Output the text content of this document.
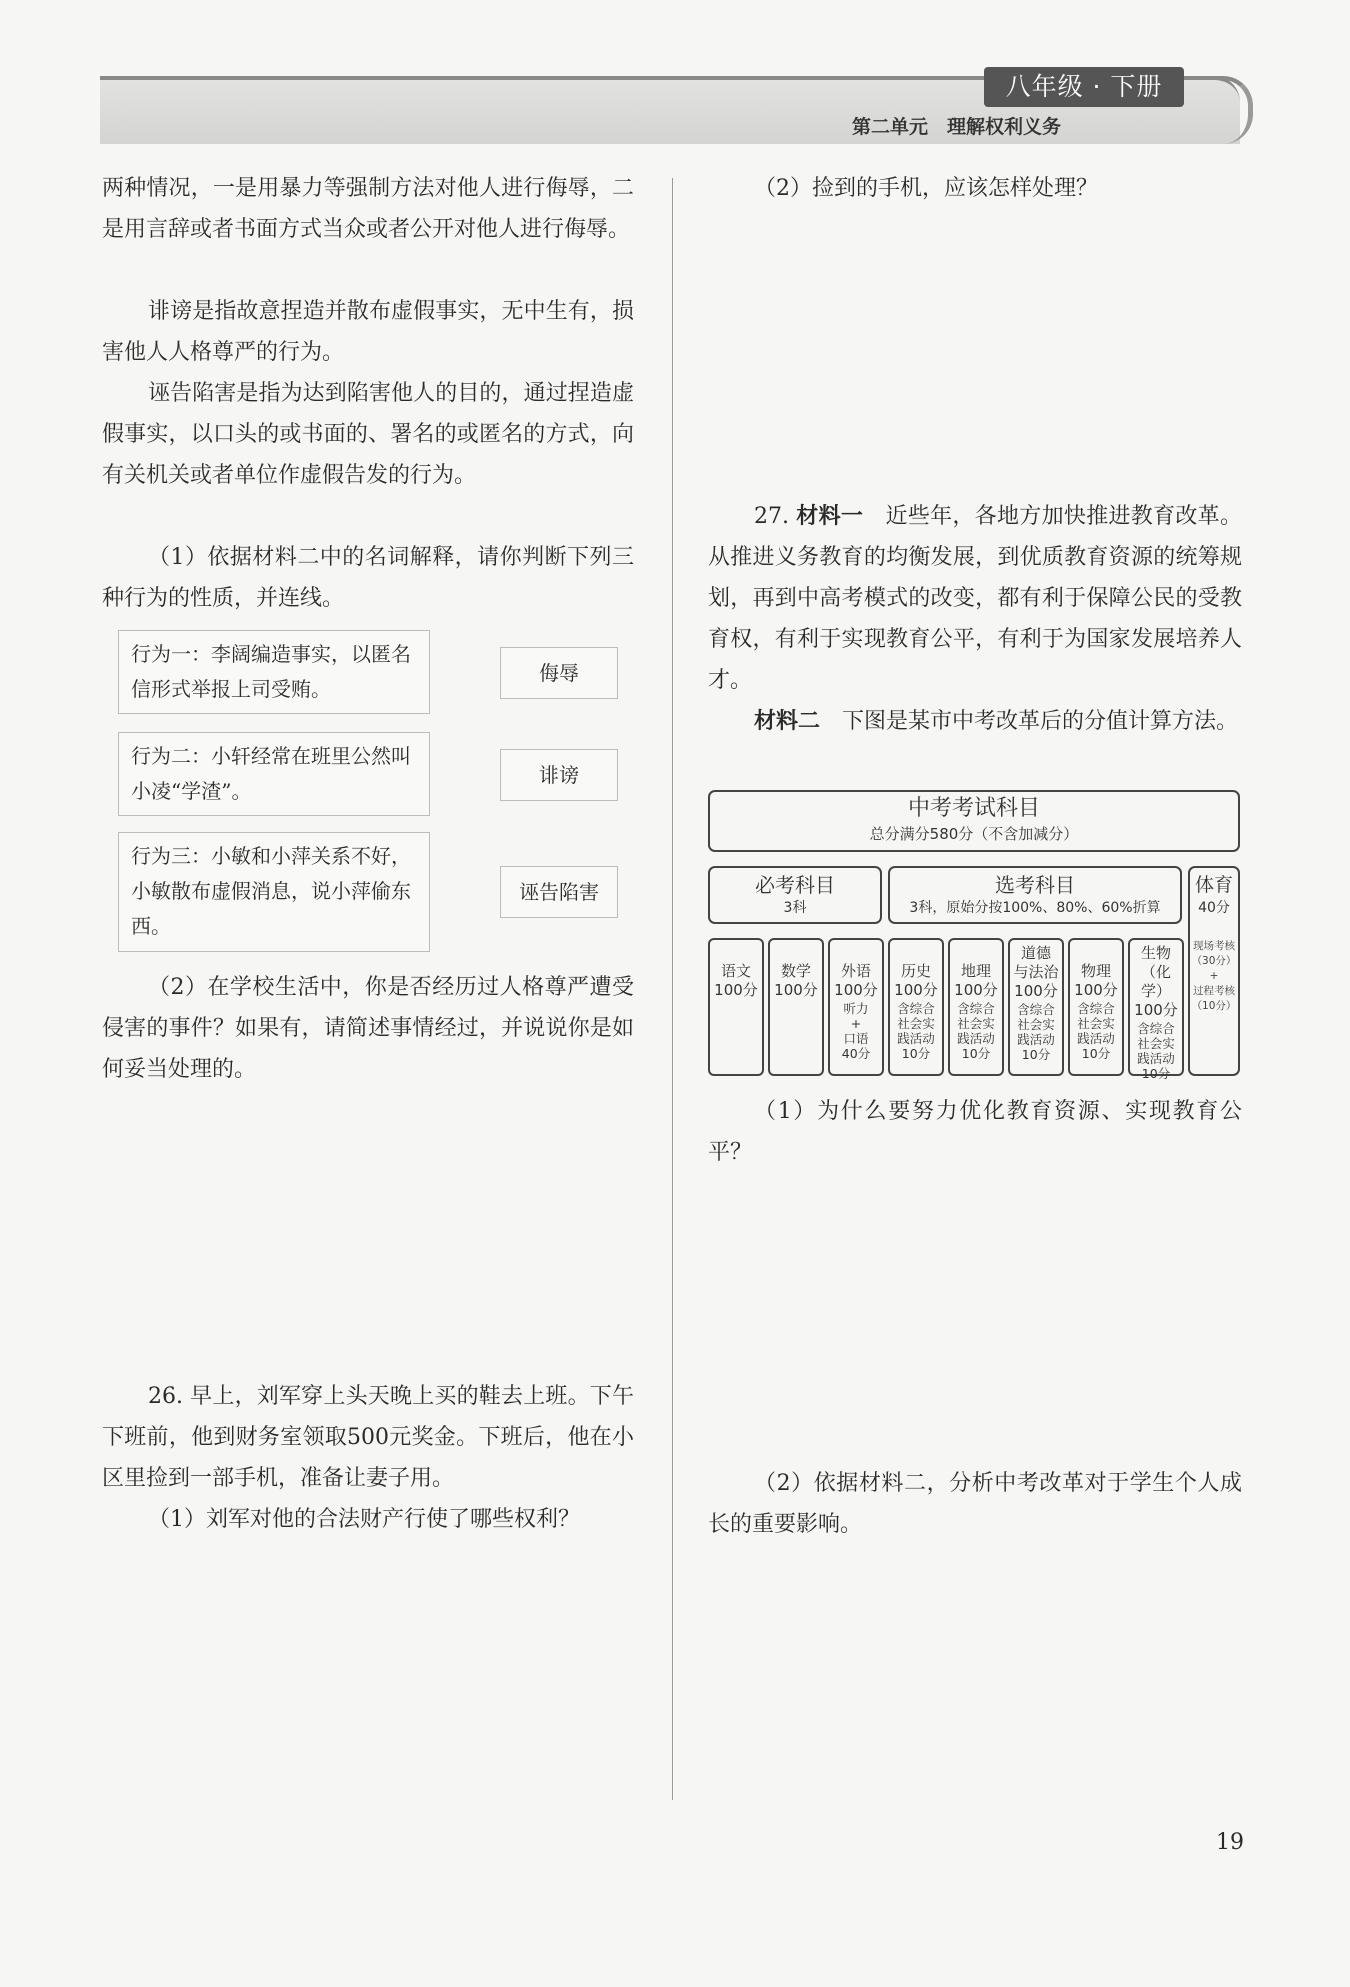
八年级 · 下册
第二单元　理解权利义务

两种情况，一是用暴力等强制方法对他人进行侮辱，二是用言辞或者书面方式当众或者公开对他人进行侮辱。

诽谤是指故意捏造并散布虚假事实，无中生有，损害他人人格尊严的行为。

诬告陷害是指为达到陷害他人的目的，通过捏造虚假事实，以口头的或书面的、署名的或匿名的方式，向有关机关或者单位作虚假告发的行为。

（1）依据材料二中的名词解释，请你判断下列三种行为的性质，并连线。

行为一：李阔编造事实，以匿名信形式举报上司受贿。
行为二：小轩经常在班里公然叫小凌“学渣”。
行为三：小敏和小萍关系不好，小敏散布虚假消息，说小萍偷东西。
侮辱
诽谤
诬告陷害

（2）在学校生活中，你是否经历过人格尊严遭受侵害的事件？如果有，请简述事情经过，并说说你是如何妥当处理的。

26. 早上，刘军穿上头天晚上买的鞋去上班。下午下班前，他到财务室领取500元奖金。下班后，他在小区里捡到一部手机，准备让妻子用。

（1）刘军对他的合法财产行使了哪些权利？

（2）捡到的手机，应该怎样处理？

27. 材料一　 近些年，各地方加快推进教育改革。从推进义务教育的均衡发展，到优质教育资源的统筹规划，再到中高考模式的改变，都有利于保障公民的受教育权，有利于实现教育公平，有利于为国家发展培养人才。

材料二　 下图是某市中考改革后的分值计算方法。

中考考试科目
总分满分580分（不含加减分）
必考科目
3科
选考科目
3科，原始分按100%、80%、60%折算
体育
40分
现场考核
（30分）
+
过程考核
（10分）
语文
100分
数学
100分
外语
100分
听力
+
口语
40分
历史
100分
含综合
社会实
践活动
10分
地理
100分
含综合
社会实
践活动
10分
道德
与法治
100分
含综合
社会实
践活动
10分
物理
100分
含综合
社会实
践活动
10分
生物
（化学）
100分
含综合
社会实
践活动
10分

（1）为什么要努力优化教育资源、实现教育公平？

（2）依据材料二，分析中考改革对于学生个人成长的重要影响。

19
